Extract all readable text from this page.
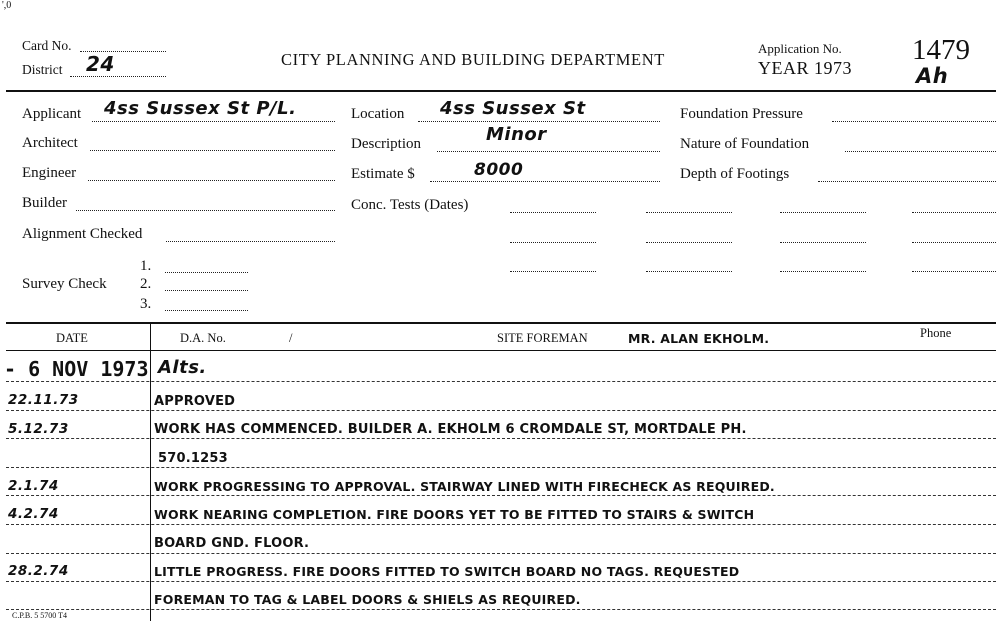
',0
Card No.
District 24	CITY PLANNING AND BUILDING DEPARTMENT
Application No.
YEAR 1973
1479
Ah
Applicant 4ss Sussex St P/L.
Architect
Engineer
Builder
Alignment Checked
Survey Check
1.
2.
3.
Location 4ss Sussex St
Description	Minor
Estimate $	8000
Conc. Tests (Dates)
Foundation Pressure
Nature of Foundation
Depth of Footings
DATE	D.A. No.	/	SITE FOREMAN	MR. ALAN EKHOLM.	Phone
- 6 NOV 1973 Alts.
22.11.73	APPROVED
5.12.73	WORK HAS COMMENCED. BUILDER A. EKHOLM 6 CROMDALE ST, MORTDALE PH.
570.1253
2.1.74	WORK PROGRESSING TO APPROVAL. STAIRWAY LINED WITH FIRECHECK AS REQUIRED.
4.2.74	WORK NEARING COMPLETION. FIRE DOORS YET TO BE FITTED TO STAIRS & SWITCH
BOARD GND. FLOOR.
28.2.74	LITTLE PROGRESS. FIRE DOORS FITTED TO SWITCH BOARD NO TAGS. REQUESTED
FOREMAN TO TAG & LABEL DOORS & SHIELS AS REQUIRED.
C.P.B. 5 5700 T4
